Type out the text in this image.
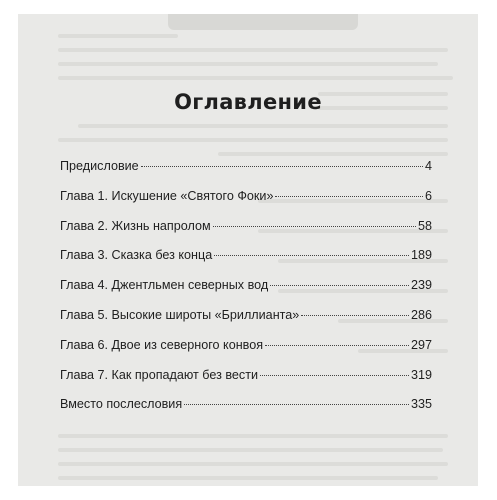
Оглавление
Предисловие	4
Глава 1. Искушение «Святого Фоки»	6
Глава 2. Жизнь напролом	58
Глава 3. Сказка без конца	189
Глава 4. Джентльмен северных вод	239
Глава 5. Высокие широты «Бриллианта»	286
Глава 6. Двое из северного конвоя	297
Глава 7. Как пропадают без вести	319
Вместо послесловия	335
